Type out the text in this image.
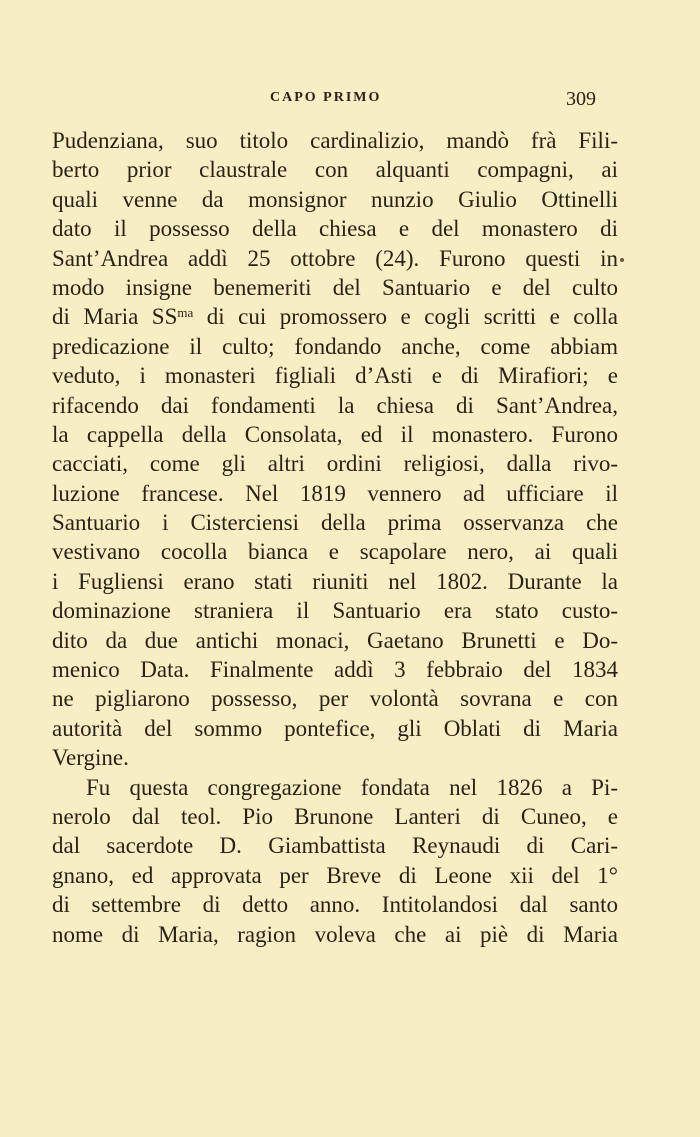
CAPO PRIMO	309
Pudenziana, suo titolo cardinalizio, mandò frà Fili-
berto prior claustrale con alquanti compagni, ai
quali venne da monsignor nunzio Giulio Ottinelli
dato il possesso della chiesa e del monastero di
Sant’Andrea addì 25 ottobre (24). Furono questi in
modo insigne benemeriti del Santuario e del culto
di Maria $SS^{ma}$ di cui promossero e cogli scritti e colla
predicazione il culto; fondando anche, come abbiam
veduto, i monasteri figliali d’Asti e di Mirafiori; e
rifacendo dai fondamenti la chiesa di Sant’Andrea,
la cappella della Consolata, ed il monastero. Furono
cacciati, come gli altri ordini religiosi, dalla rivo-
luzione francese. Nel 1819 vennero ad ufficiare il
Santuario i Cisterciensi della prima osservanza che
vestivano cocolla bianca e scapolare nero, ai quali
i Fugliensi erano stati riuniti nel 1802. Durante la
dominazione straniera il Santuario era stato custo-
dito da due antichi monaci, Gaetano Brunetti e Do-
menico Data. Finalmente addì 3 febbraio del 1834
ne pigliarono possesso, per volontà sovrana e con
autorità del sommo pontefice, gli Oblati di Maria
Vergine.
Fu questa congregazione fondata nel 1826 a Pi-
nerolo dal teol. Pio Brunone Lanteri di Cuneo, e
dal sacerdote D. Giambattista Reynaudi di Cari-
gnano, ed approvata per Breve di Leone xii del 1°
di settembre di detto anno. Intitolandosi dal santo
nome di Maria, ragion voleva che ai piè di Maria
